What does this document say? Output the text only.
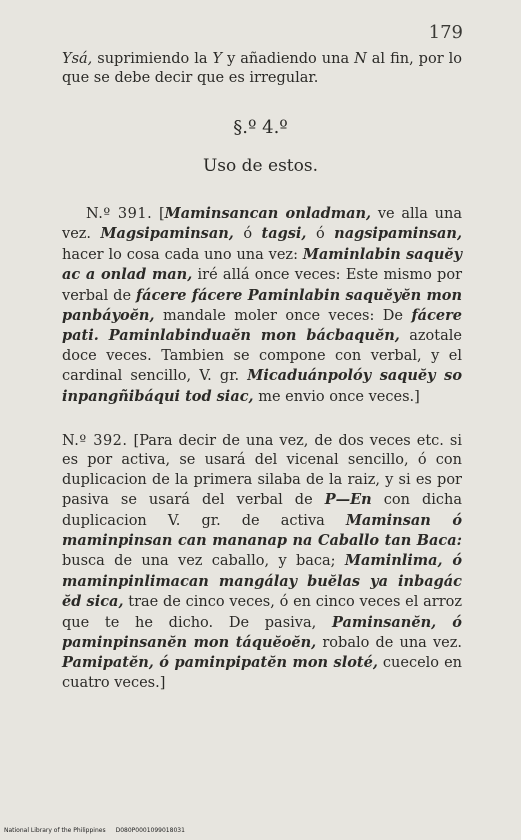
179
Ysá, suprimiendo la Y y añadiendo una N al fin, por lo que se debe decir que es irregular.
§.º 4.º
Uso de estos.
N.º 391. [Maminsancan onladman, ve alla una vez. Magsipaminsan, ó tagsi, ó nagsipaminsan, hacer lo cosa cada uno una vez: Maminlabin saquĕy ac a onlad man, iré allá once veces: Este mismo por verbal de fácere fácere Paminlabin saquĕyĕn mon panbáyoĕn, mandale moler once veces: De fácere pati. Paminlabinduaĕn mon bácbaquĕn, azotale doce veces. Tambien se compone con verbal, y el cardinal sencillo, V. gr. Micaduánpolóy saquĕy so inpangñibáqui tod siac, me envio once veces.]
N.º 392. [Para decir de una vez, de dos veces etc. si es por activa, se usará del vicenal sencillo, ó con duplicacion de la primera silaba de la raiz, y si es por pasiva se usará del verbal de P—En con dicha duplicacion V. gr. de activa Maminsan ó maminpinsan can mananap na Caballo tan Baca: busca de una vez caballo, y baca; Maminlima, ó maminpinlimacan mangálay buĕlas ya inbagác ĕd sica, trae de cinco veces, ó en cinco veces el arroz que te he dicho. De pasiva, Paminsanĕn, ó paminpinsanĕn mon táquĕoĕn, robalo de una vez. Pamipatĕn, ó paminpipatĕn mon sloté, cuecelo en cuatro veces.]
National Library of the Philippines D080P0001099018031
